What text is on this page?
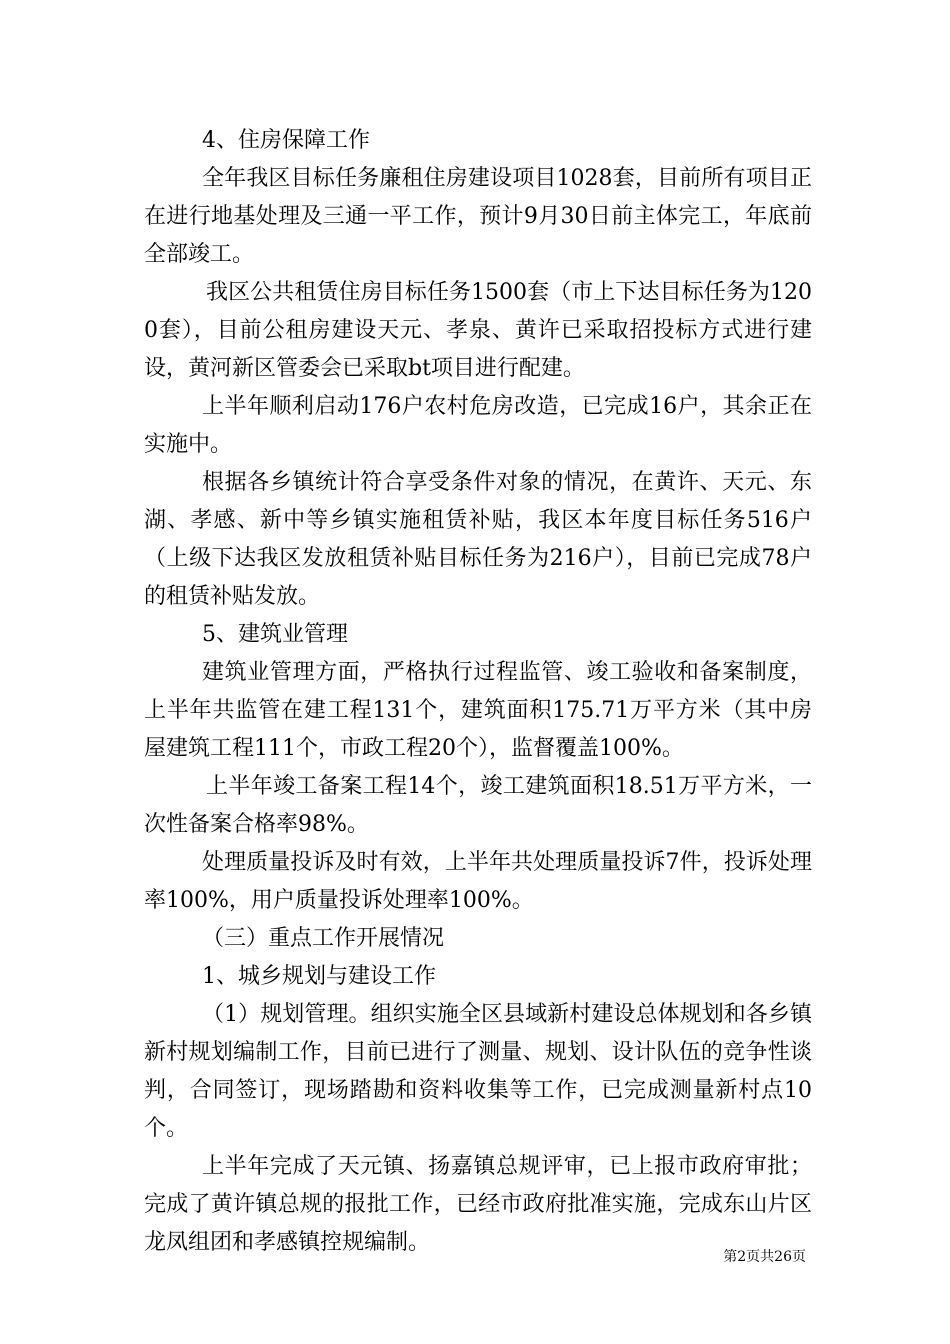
4、住房保障工作

全年我区目标任务廉租住房建设项目1028套，目前所有项目正在进行地基处理及三通一平工作，预计9月30日前主体完工，年底前全部竣工。

我区公共租赁住房目标任务1500套（市上下达目标任务为1200套），目前公租房建设天元、孝泉、黄许已采取招投标方式进行建设，黄河新区管委会已采取bt项目进行配建。

上半年顺利启动176户农村危房改造，已完成16户，其余正在实施中。

根据各乡镇统计符合享受条件对象的情况，在黄许、天元、东湖、孝感、新中等乡镇实施租赁补贴，我区本年度目标任务516户（上级下达我区发放租赁补贴目标任务为216户），目前已完成78户的租赁补贴发放。

5、建筑业管理

建筑业管理方面，严格执行过程监管、竣工验收和备案制度，上半年共监管在建工程131个，建筑面积175.71万平方米（其中房屋建筑工程111个，市政工程20个），监督覆盖100%。

上半年竣工备案工程14个，竣工建筑面积18.51万平方米，一次性备案合格率98%。

处理质量投诉及时有效，上半年共处理质量投诉7件，投诉处理率100%，用户质量投诉处理率100%。

（三）重点工作开展情况

1、城乡规划与建设工作

（1）规划管理。组织实施全区县域新村建设总体规划和各乡镇新村规划编制工作，目前已进行了测量、规划、设计队伍的竞争性谈判，合同签订，现场踏勘和资料收集等工作，已完成测量新村点10个。

上半年完成了天元镇、扬嘉镇总规评审，已上报市政府审批；完成了黄许镇总规的报批工作，已经市政府批准实施，完成东山片区龙凤组团和孝感镇控规编制。

第2页共26页
